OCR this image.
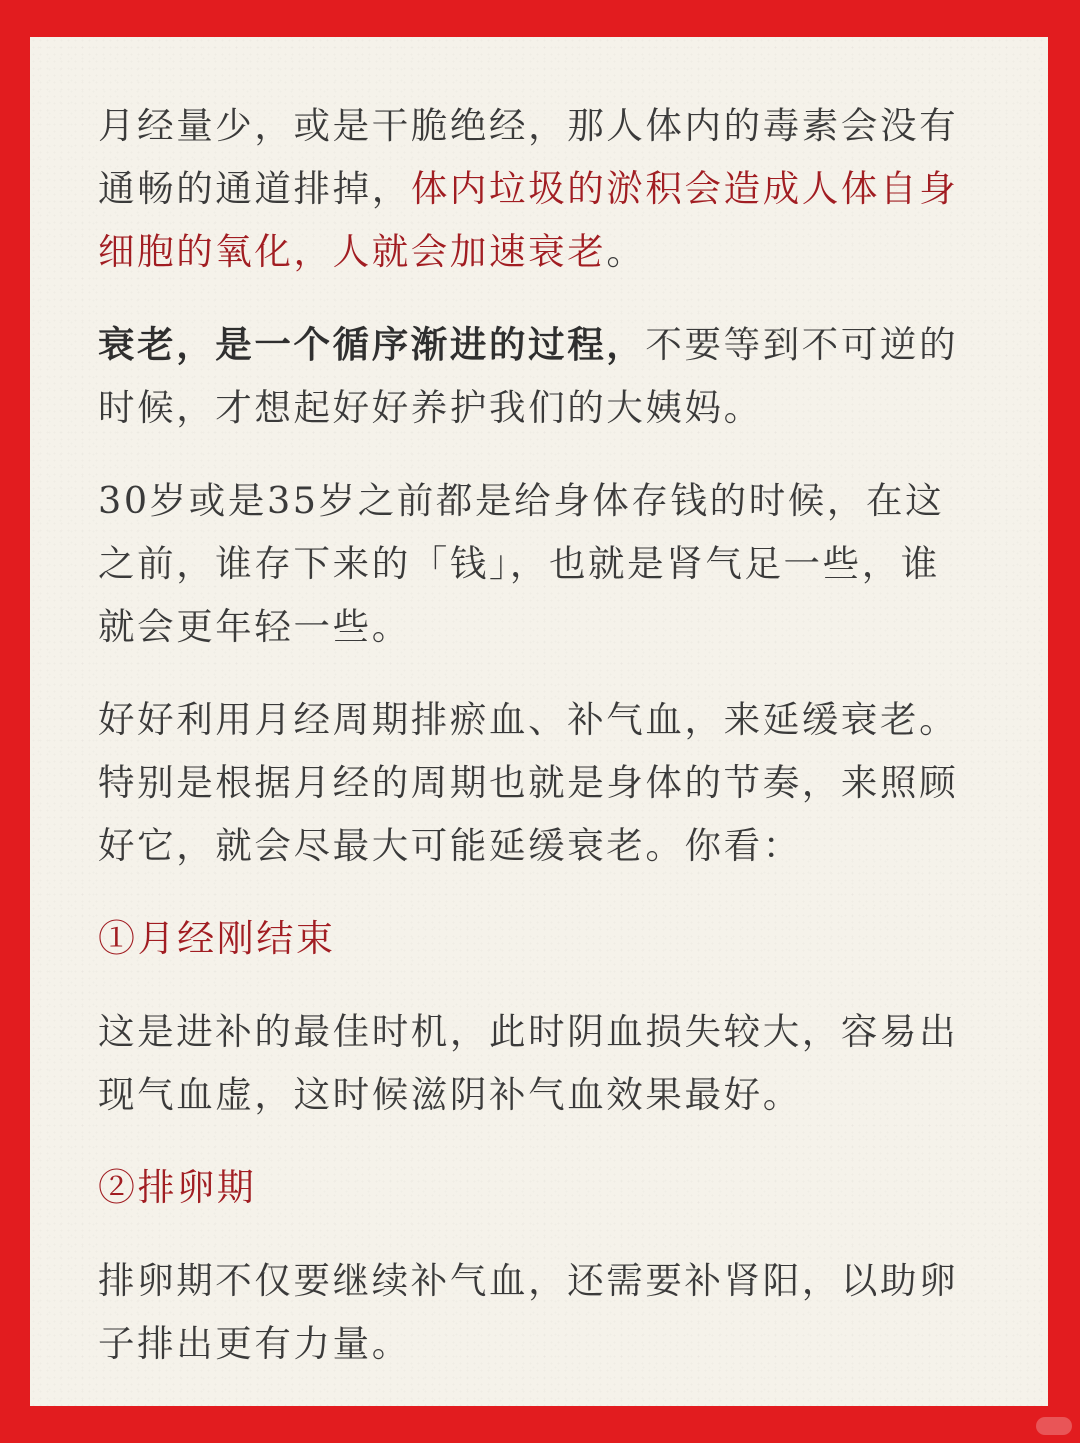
月经量少，或是干脆绝经，那人体内的毒素会没有通畅的通道排掉，体内垃圾的淤积会造成人体自身细胞的氧化，人就会加速衰老。

衰老，是一个循序渐进的过程，不要等到不可逆的时候，才想起好好养护我们的大姨妈。

30岁或是35岁之前都是给身体存钱的时候，在这之前，谁存下来的「钱」，也就是肾气足一些，谁就会更年轻一些。

好好利用月经周期排瘀血、补气血，来延缓衰老。特别是根据月经的周期也就是身体的节奏，来照顾好它，就会尽最大可能延缓衰老。你看：

①月经刚结束

这是进补的最佳时机，此时阴血损失较大，容易出现气血虚，这时候滋阴补气血效果最好。

②排卵期

排卵期不仅要继续补气血，还需要补肾阳，以助卵子排出更有力量。
